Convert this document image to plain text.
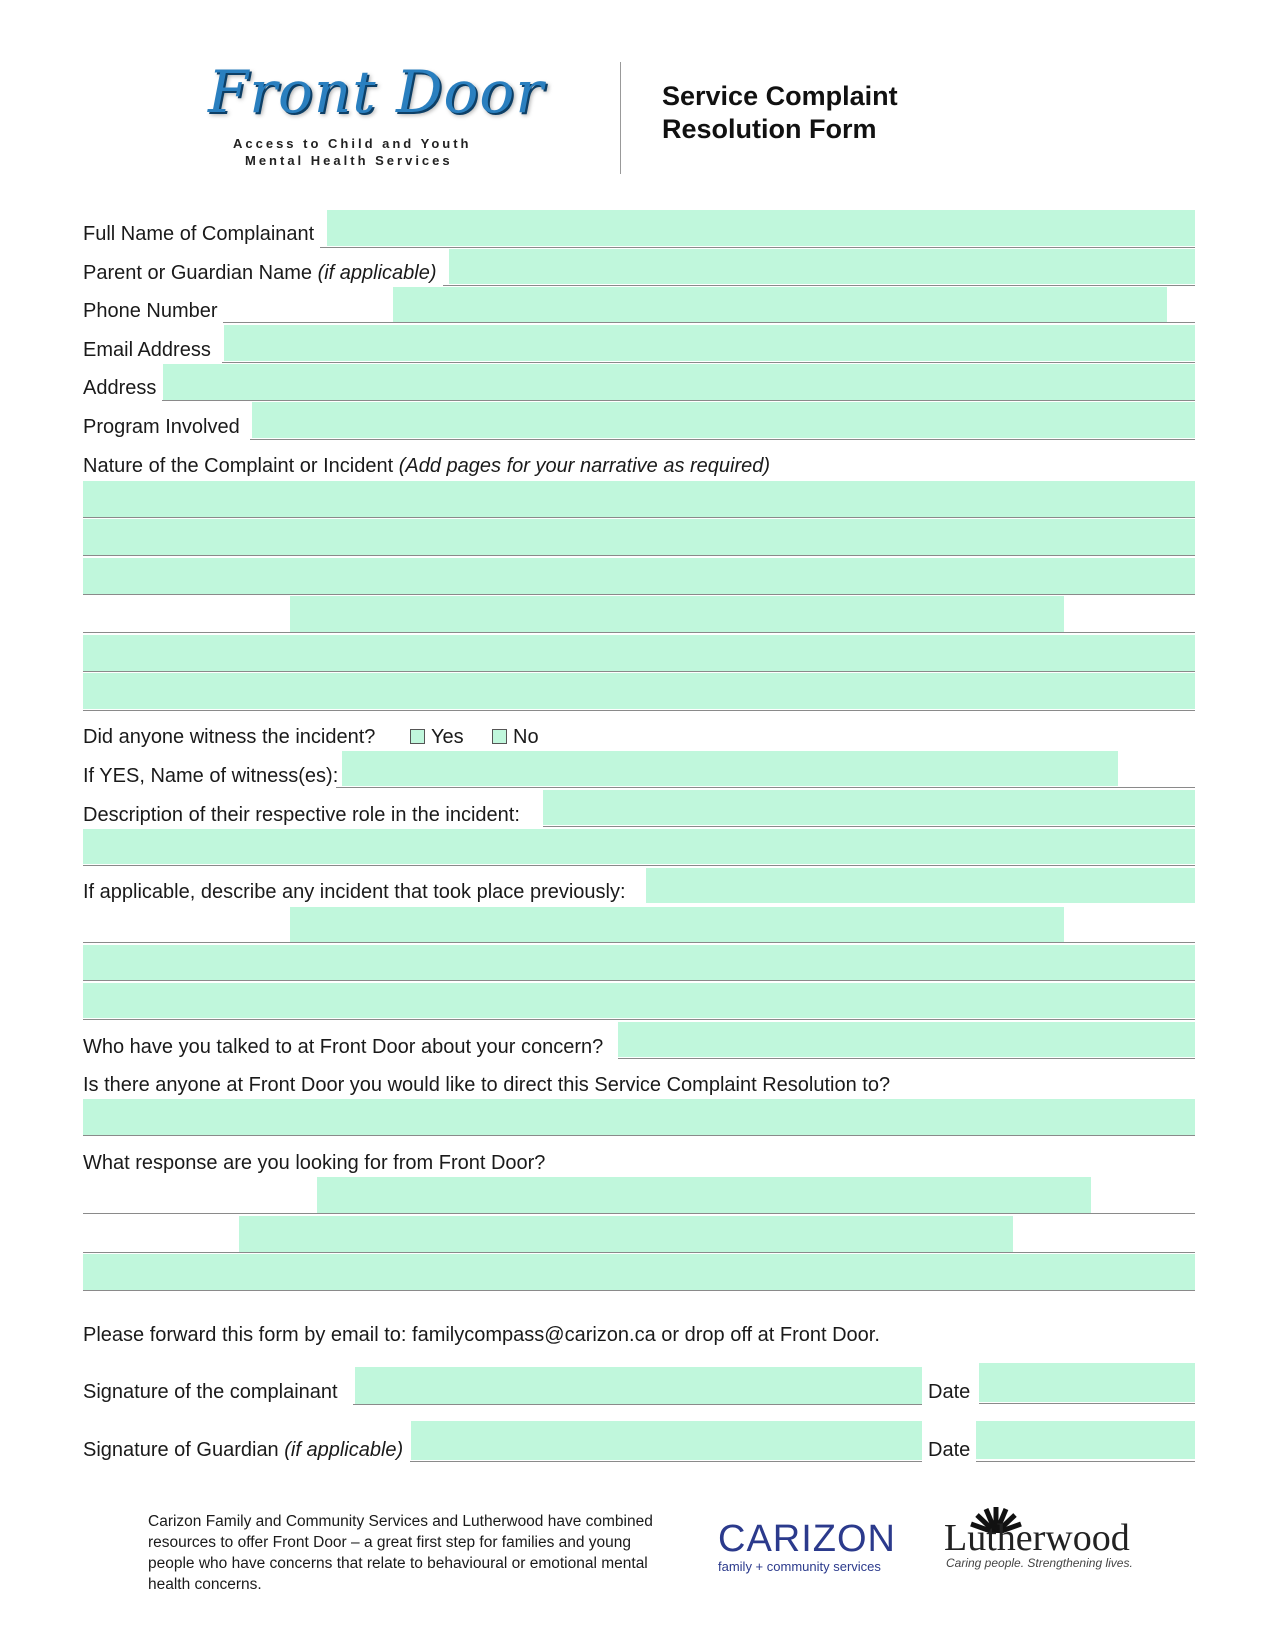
Front Door
Access to Child and Youth
Mental Health Services
Service Complaint
Resolution Form
Full Name of Complainant
Parent or Guardian Name (if applicable)
Phone Number
Email Address
Address
Program Involved
Nature of the Complaint or Incident (Add pages for your narrative as required)
Did anyone witness the incident?	Yes No
If YES, Name of witness(es):
Description of their respective role in the incident:
If applicable, describe any incident that took place previously:
Who have you talked to at Front Door about your concern?
Is there anyone at Front Door you would like to direct this Service Complaint Resolution to?
What response are you looking for from Front Door?
Please forward this form by email to: familycompass@carizon.ca or drop off at Front Door.
Signature of the complainant	Date
Signature of Guardian (if applicable)	Date
Carizon Family and Community Services and Lutherwood have combined resources to offer Front Door – a great first step for families and young people who have concerns that relate to behavioural or emotional mental health concerns.
CARIZON
family + community services
Lutherwood
Caring people. Strengthening lives.
